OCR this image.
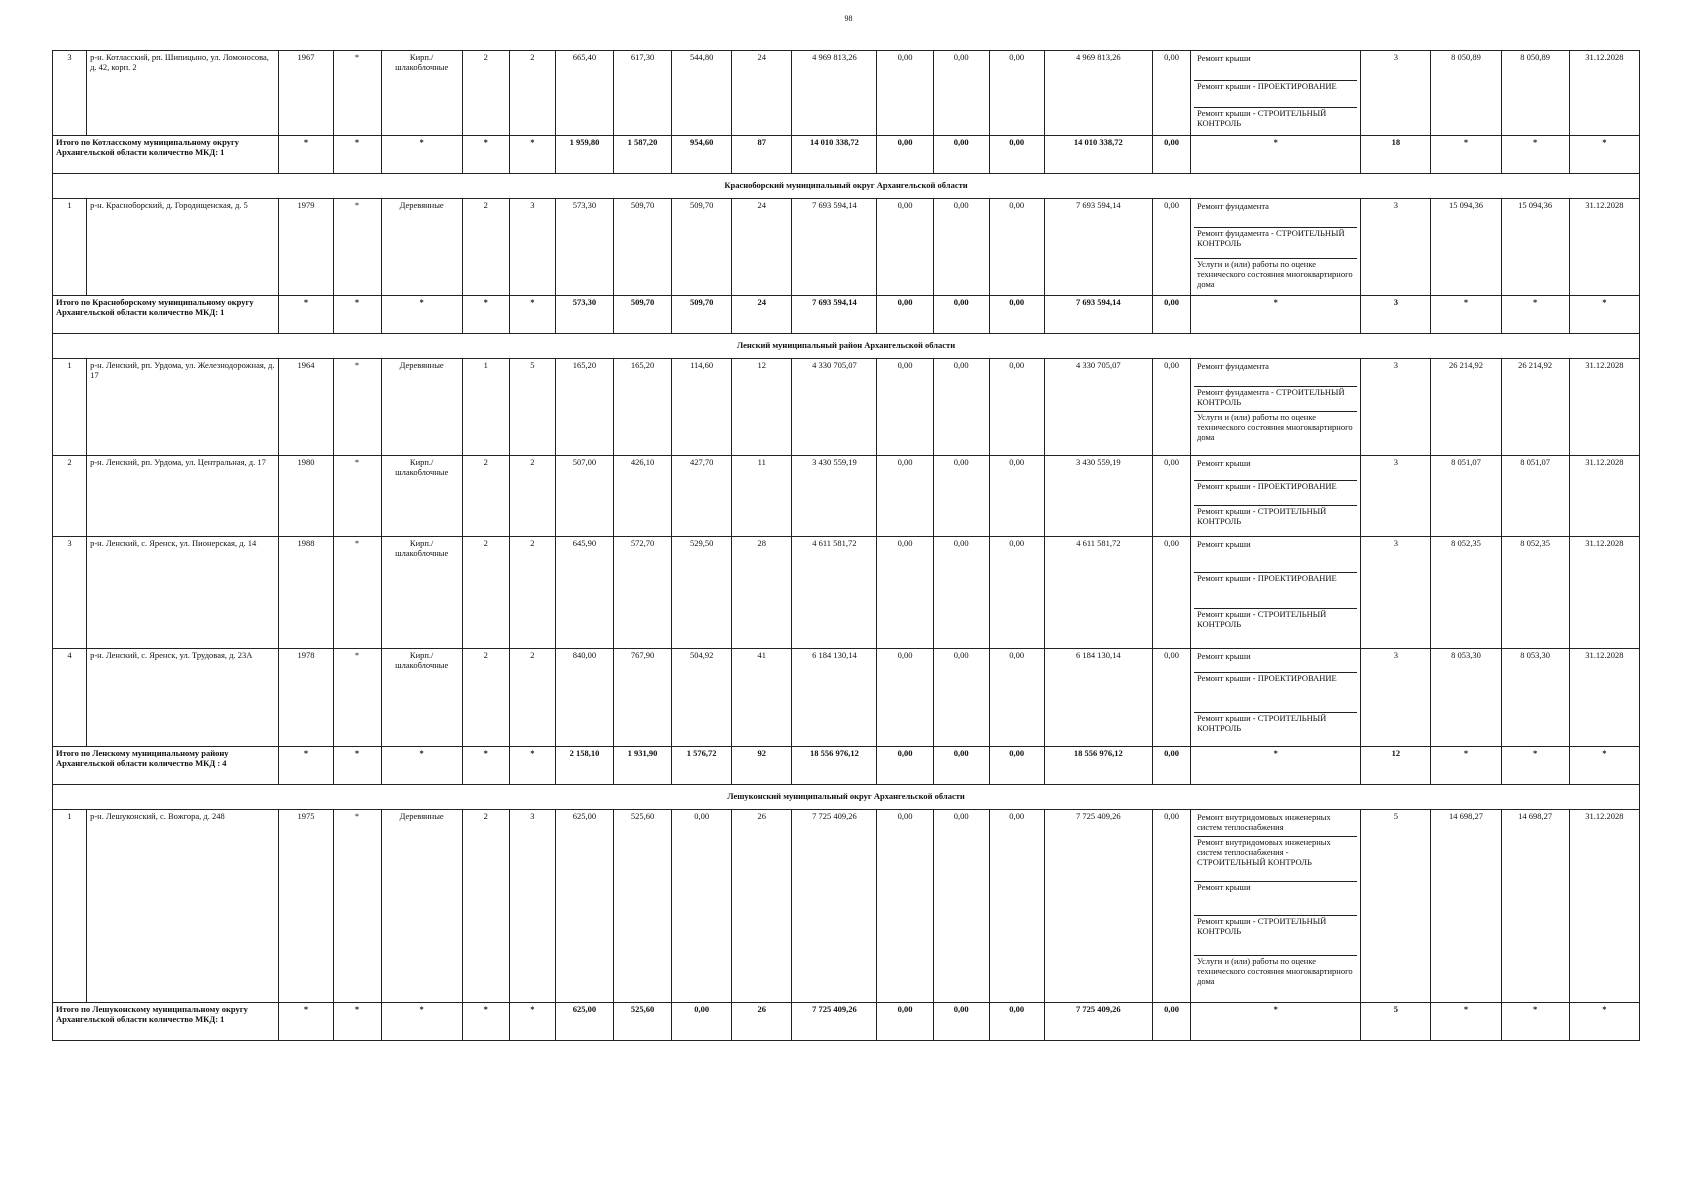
98
3	р-н. Котласский, рп. Шипицыно, ул. Ломоносова, д. 42, корп. 2	1967	*	Кирп./ шлакоблочные	2	2	665,40	617,30	544,80	24	4 969 813,26	0,00	0,00	0,00	4 969 813,26	0,00	Ремонт крыши
Ремонт крыши - ПРОЕКТИРОВАНИЕ
Ремонт крыши - СТРОИТЕЛЬНЫЙ КОНТРОЛЬ	3	8 050,89	8 050,89	31.12.2028
Итого по Котласскому муниципальному округу Архангельской области количество МКД: 1		*	*	*	*	*	1 959,80	1 587,20	954,60	87	14 010 338,72	0,00	0,00	0,00	14 010 338,72	0,00	*	18	*	*	*
Красноборский муниципальный округ Архангельской области																					
1	р-н. Красноборский, д. Городищенская, д. 5	1979	*	Деревянные	2	3	573,30	509,70	509,70	24	7 693 594,14	0,00	0,00	0,00	7 693 594,14	0,00	Ремонт фундамента
Ремонт фундамента - СТРОИТЕЛЬНЫЙ КОНТРОЛЬ
Услуги и (или) работы по оценке технического состояния многоквартирного дома	3	15 094,36	15 094,36	31.12.2028
Итого по Красноборскому муниципальному округу Архангельской области количество МКД: 1		*	*	*	*	*	573,30	509,70	509,70	24	7 693 594,14	0,00	0,00	0,00	7 693 594,14	0,00	*	3	*	*	*
Ленский муниципальный район Архангельской области																					
1	р-н. Ленский, рп. Урдома, ул. Железнодорожная, д. 17	1964	*	Деревянные	1	5	165,20	165,20	114,60	12	4 330 705,07	0,00	0,00	0,00	4 330 705,07	0,00	Ремонт фундамента
Ремонт фундамента - СТРОИТЕЛЬНЫЙ КОНТРОЛЬ
Услуги и (или) работы по оценке технического состояния многоквартирного дома	3	26 214,92	26 214,92	31.12.2028
2	р-н. Ленский, рп. Урдома, ул. Центральная, д. 17	1980	*	Кирп./ шлакоблочные	2	2	507,00	426,10	427,70	11	3 430 559,19	0,00	0,00	0,00	3 430 559,19	0,00	Ремонт крыши
Ремонт крыши - ПРОЕКТИРОВАНИЕ
Ремонт крыши - СТРОИТЕЛЬНЫЙ КОНТРОЛЬ	3	8 051,07	8 051,07	31.12.2028
3	р-н. Ленский, с. Яренск, ул. Пионерская, д. 14	1988	*	Кирп./ шлакоблочные	2	2	645,90	572,70	529,50	28	4 611 581,72	0,00	0,00	0,00	4 611 581,72	0,00	Ремонт крыши
Ремонт крыши - ПРОЕКТИРОВАНИЕ
Ремонт крыши - СТРОИТЕЛЬНЫЙ КОНТРОЛЬ	3	8 052,35	8 052,35	31.12.2028
4	р-н. Ленский, с. Яренск, ул. Трудовая, д. 23А	1978	*	Кирп./ шлакоблочные	2	2	840,00	767,90	504,92	41	6 184 130,14	0,00	0,00	0,00	6 184 130,14	0,00	Ремонт крыши
Ремонт крыши - ПРОЕКТИРОВАНИЕ
Ремонт крыши - СТРОИТЕЛЬНЫЙ КОНТРОЛЬ	3	8 053,30	8 053,30	31.12.2028
Итого по Ленскому муниципальному району Архангельской области количество МКД : 4		*	*	*	*	*	2 158,10	1 931,90	1 576,72	92	18 556 976,12	0,00	0,00	0,00	18 556 976,12	0,00	*	12	*	*	*
Лешуконский муниципальный округ Архангельской области																					
1	р-н. Лешуконский, с. Вожгора, д. 248	1975	*	Деревянные	2	3	625,00	525,60	0,00	26	7 725 409,26	0,00	0,00	0,00	7 725 409,26	0,00	Ремонт внутридомовых инженерных систем теплоснабжения
Ремонт внутридомовых инженерных систем теплоснабжения - СТРОИТЕЛЬНЫЙ КОНТРОЛЬ
Ремонт крыши
Ремонт крыши - СТРОИТЕЛЬНЫЙ КОНТРОЛЬ
Услуги и (или) работы по оценке технического состояния многоквартирного дома	5	14 698,27	14 698,27	31.12.2028
Итого по Лешуконскому муниципальному округу Архангельской области количество МКД: 1		*	*	*	*	*	625,00	525,60	0,00	26	7 725 409,26	0,00	0,00	0,00	7 725 409,26	0,00	*	5	*	*	*
